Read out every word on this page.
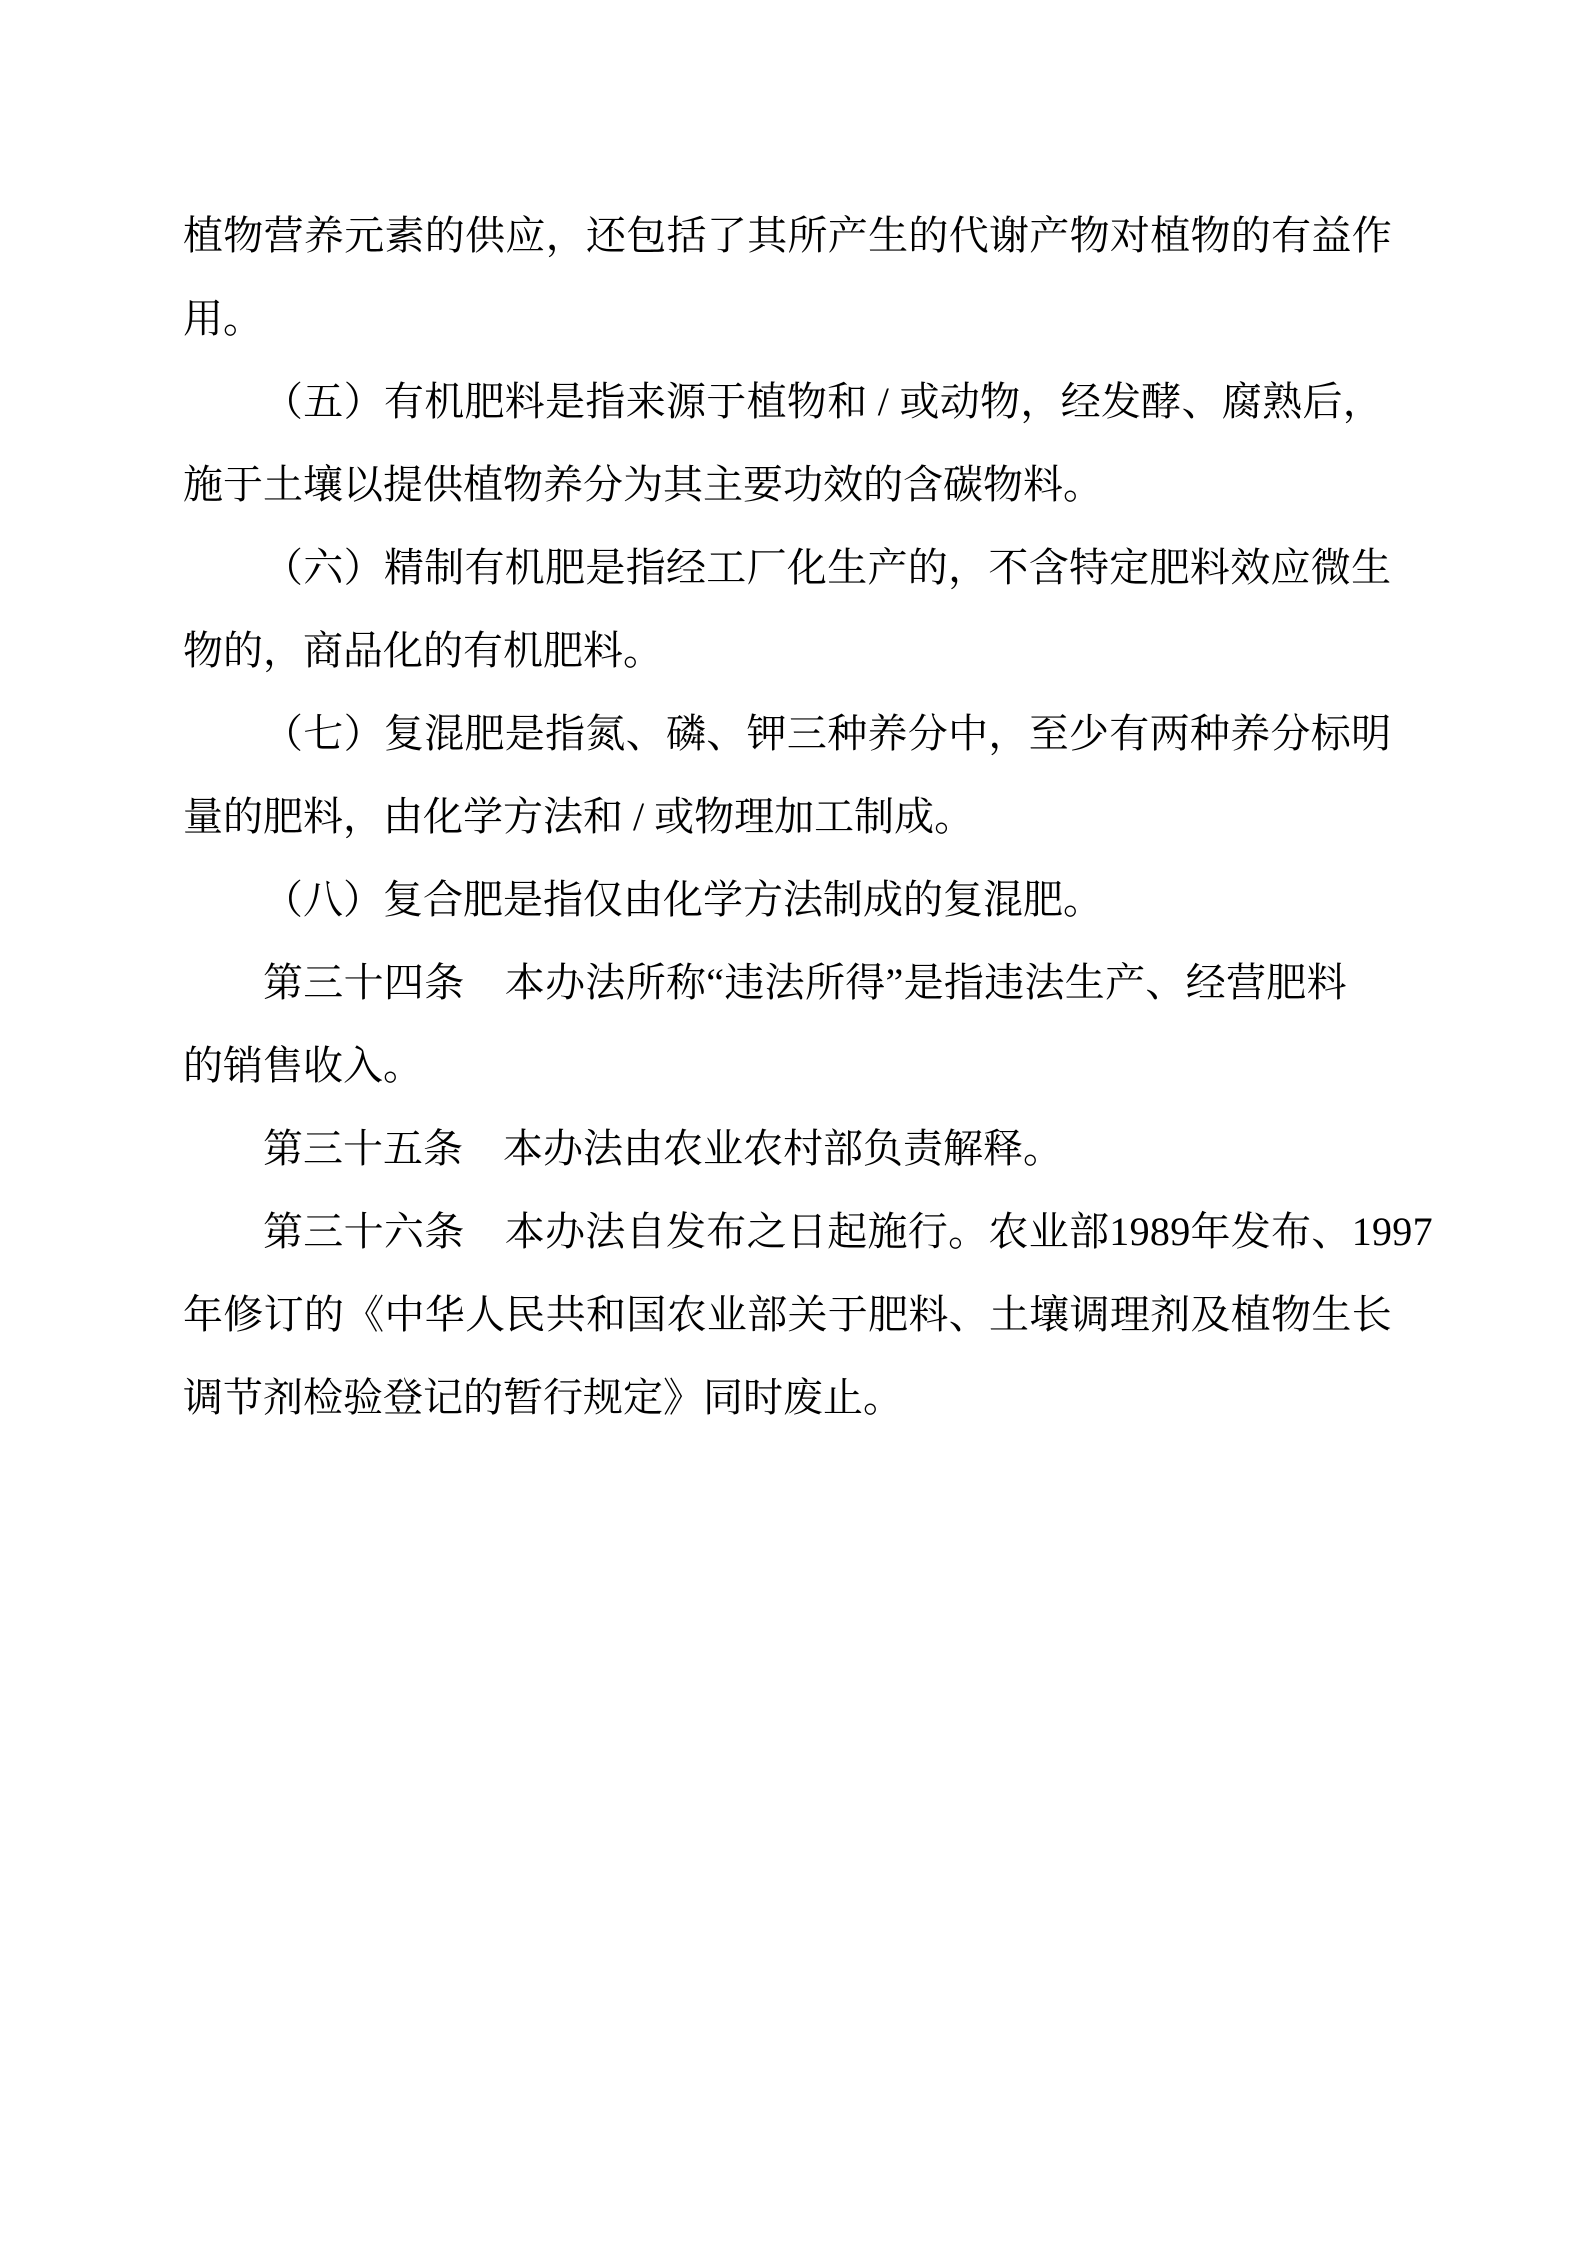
植物营养元素的供应，还包括了其所产生的代谢产物对植物的有益作
用。

（五）有机肥料是指来源于植物和 / 或动物，经发酵、腐熟后，
施于土壤以提供植物养分为其主要功效的含碳物料。

（六）精制有机肥是指经工厂化生产的，不含特定肥料效应微生
物的，商品化的有机肥料。

（七）复混肥是指氮、磷、钾三种养分中，至少有两种养分标明
量的肥料，由化学方法和 / 或物理加工制成。

（八）复合肥是指仅由化学方法制成的复混肥。

第三十四条　本办法所称“违法所得”是指违法生产、经营肥料
的销售收入。

第三十五条　本办法由农业农村部负责解释。

第三十六条　本办法自发布之日起施行。农业部1989年发布、1997
年修订的《中华人民共和国农业部关于肥料、土壤调理剂及植物生长
调节剂检验登记的暂行规定》同时废止。
